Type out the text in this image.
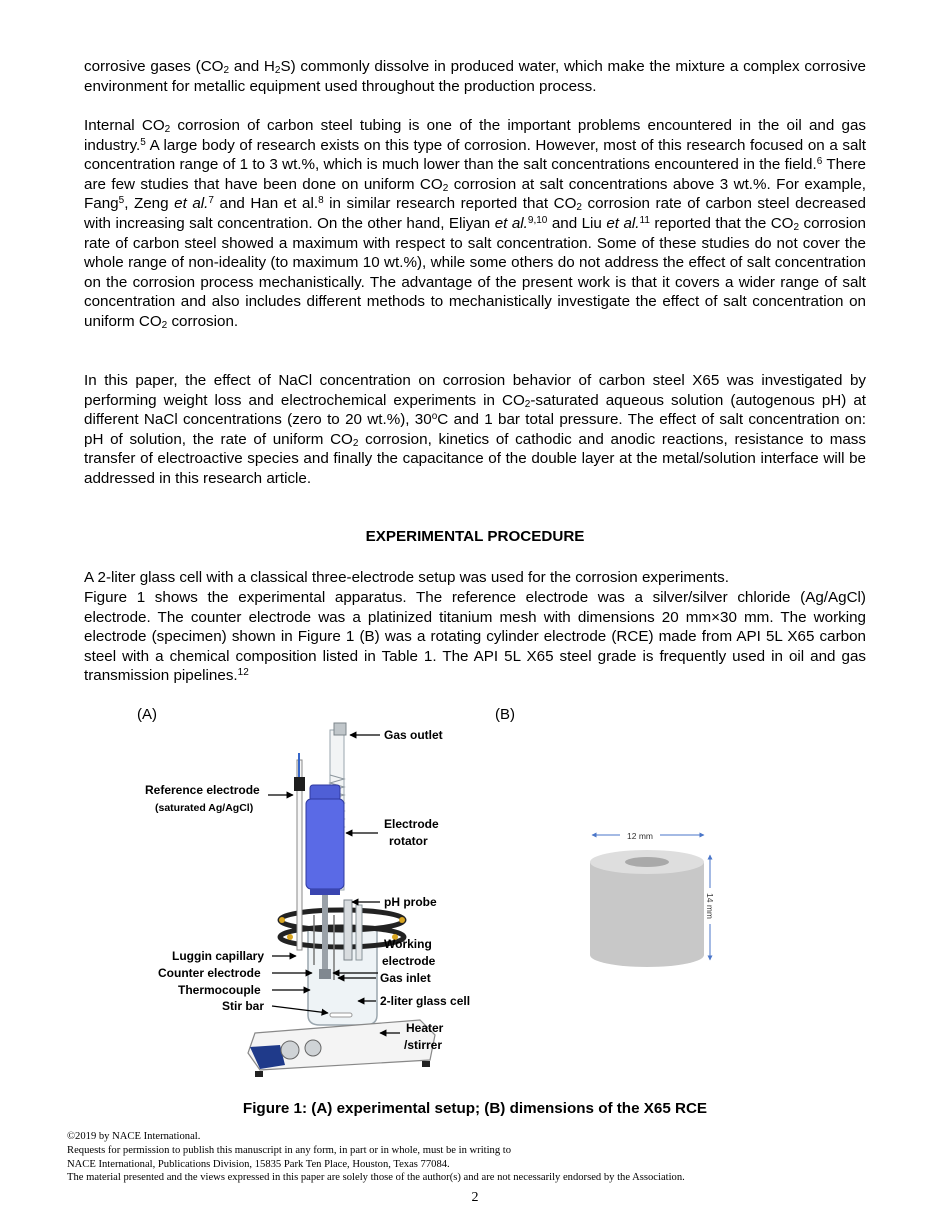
corrosive gases ($CO_2$ and $H_2S$) commonly dissolve in produced water, which make the mixture a complex corrosive environment for metallic equipment used throughout the production process.

Internal $CO_2$ corrosion of carbon steel tubing is one of the important problems encountered in the oil and gas industry.$^5$ A large body of research exists on this type of corrosion. However, most of this research focused on a salt concentration range of 1 to 3 wt.%, which is much lower than the salt concentrations encountered in the field.$^6$ There are few studies that have been done on uniform $CO_2$ corrosion at salt concentrations above 3 wt.%. For example, Fang$^5$, Zeng et al.$^7$ and Han et al.$^8$ in similar research reported that $CO_2$ corrosion rate of carbon steel decreased with increasing salt concentration. On the other hand, Eliyan et al.$^{9,10}$ and Liu et al.$^{11}$ reported that the $CO_2$ corrosion rate of carbon steel showed a maximum with respect to salt concentration. Some of these studies do not cover the whole range of non-ideality (to maximum 10 wt.%), while some others do not address the effect of salt concentration on the corrosion process mechanistically. The advantage of the present work is that it covers a wider range of salt concentration and also includes different methods to mechanistically investigate the effect of salt concentration on uniform $CO_2$ corrosion.

In this paper, the effect of NaCl concentration on corrosion behavior of carbon steel X65 was investigated by performing weight loss and electrochemical experiments in $CO_2$-saturated aqueous solution (autogenous pH) at different NaCl concentrations (zero to 20 wt.%), 30$^o$C and 1 bar total pressure. The effect of salt concentration on: pH of solution, the rate of uniform $CO_2$ corrosion, kinetics of cathodic and anodic reactions, resistance to mass transfer of electroactive species and finally the capacitance of the double layer at the metal/solution interface will be addressed in this research article.

EXPERIMENTAL PROCEDURE

A 2-liter glass cell with a classical three-electrode setup was used for the corrosion experiments.

Figure 1 shows the experimental apparatus. The reference electrode was a silver/silver chloride (Ag/AgCl) electrode. The counter electrode was a platinized titanium mesh with dimensions 20 mm×30 mm. The working electrode (specimen) shown in Figure 1 (B) was a rotating cylinder electrode (RCE) made from API 5L X65 carbon steel with a chemical composition listed in Table 1. The API 5L X65 steel grade is frequently used in oil and gas transmission pipelines.$^{12}$

(A)	(B)
Gas outlet
Reference electrode
(saturated Ag/AgCl)
Electrode
rotator
pH probe
Working
electrode
Gas inlet
Luggin capillary
Counter electrode
Thermocouple
Stir bar	2-liter glass cell
Heater
/stirrer
12 mm
14 mm
Figure 1: (A) experimental setup; (B) dimensions of the X65 RCE
©2019 by NACE International.
Requests for permission to publish this manuscript in any form, in part or in whole, must be in writing to
NACE International, Publications Division, 15835 Park Ten Place, Houston, Texas 77084.
The material presented and the views expressed in this paper are solely those of the author(s) and are not necessarily endorsed by the Association.
2
